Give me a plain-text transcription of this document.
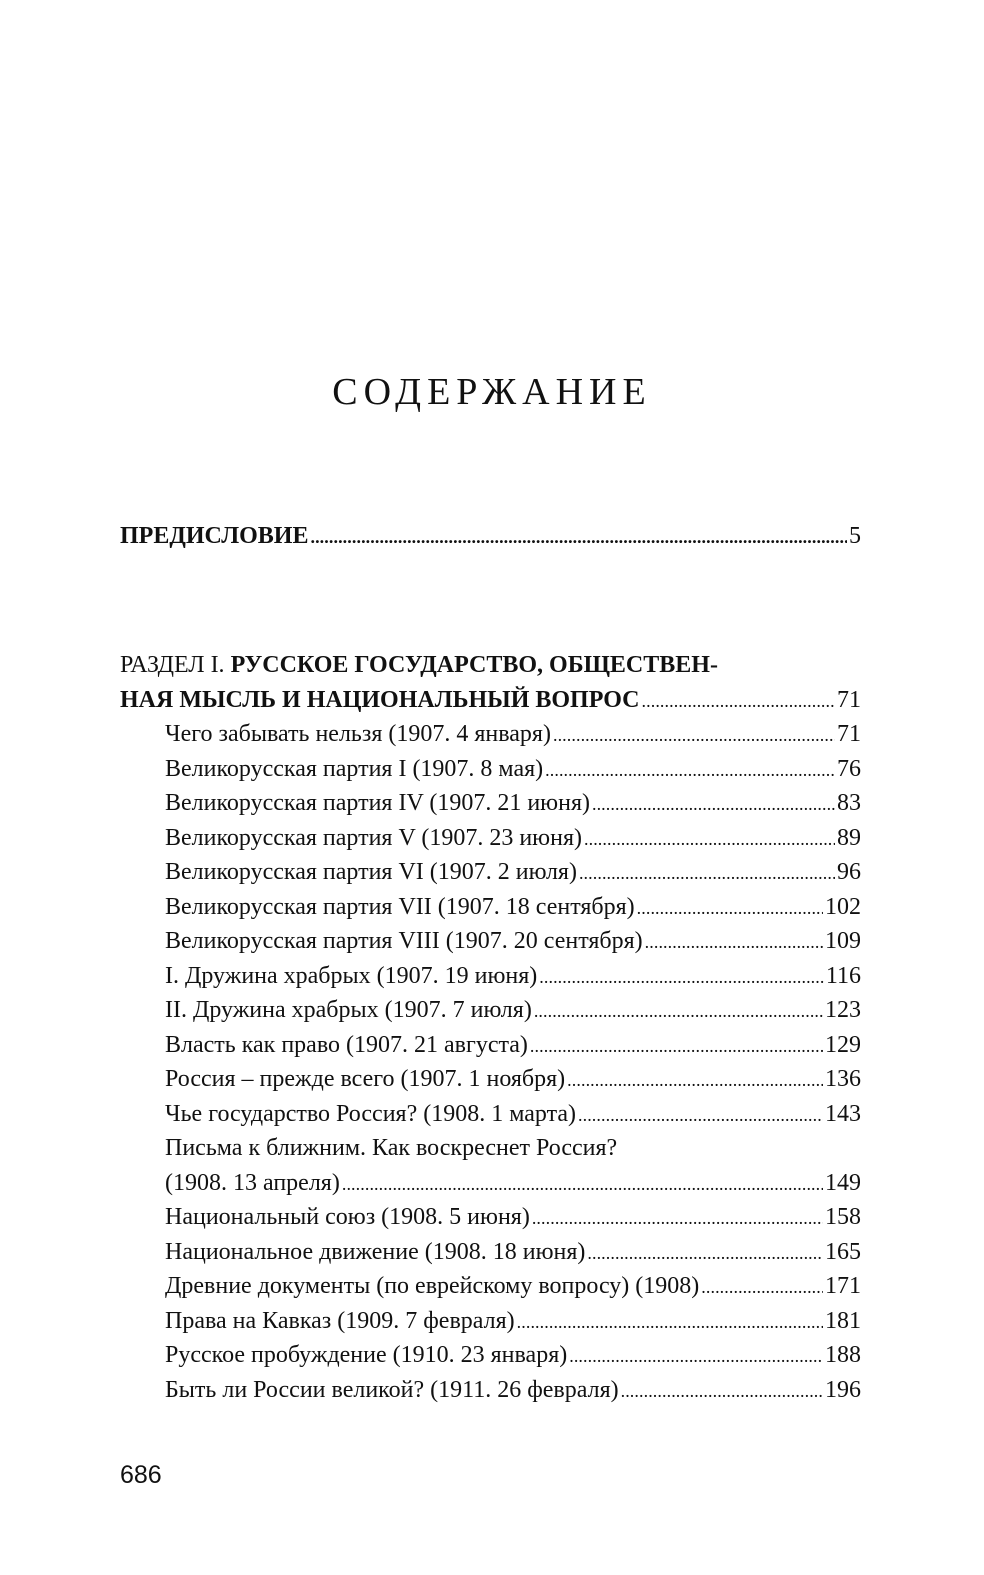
СОДЕРЖАНИЕ
ПРЕДИСЛОВИЕ . . .	5
РАЗДЕЛ I. РУССКОЕ ГОСУДАРСТВО, ОБЩЕСТВЕН-
НАЯ МЫСЛЬ И НАЦИОНАЛЬНЫЙ ВОПРОС . . .	71
Чего забывать нельзя (1907. 4 января) . . .	71
Великорусская партия I (1907. 8 мая) . . .	76
Великорусская партия IV (1907. 21 июня) . . .	83
Великорусская партия V (1907. 23 июня) . . .	89
Великорусская партия VI (1907. 2 июля) . . .	96
Великорусская партия VII (1907. 18 сентября) . . .	102
Великорусская партия VIII (1907. 20 сентября) . . .	109
I. Дружина храбрых (1907. 19 июня) . . .	116
II. Дружина храбрых (1907. 7 июля) . . .	123
Власть как право (1907. 21 августа) . . .	129
Россия – прежде всего (1907. 1 ноября) . . .	136
Чье государство Россия? (1908. 1 марта) . . .	143
Письма к ближним. Как воскреснет Россия?
(1908. 13 апреля) . . .	149
Национальный союз (1908. 5 июня) . . .	158
Национальное движение (1908. 18 июня) . . .	165
Древние документы (по еврейскому вопросу) (1908) . . .	171
Права на Кавказ (1909. 7 февраля) . . .	181
Русское пробуждение (1910. 23 января) . . .	188
Быть ли России великой? (1911. 26 февраля) . . .	196
686
